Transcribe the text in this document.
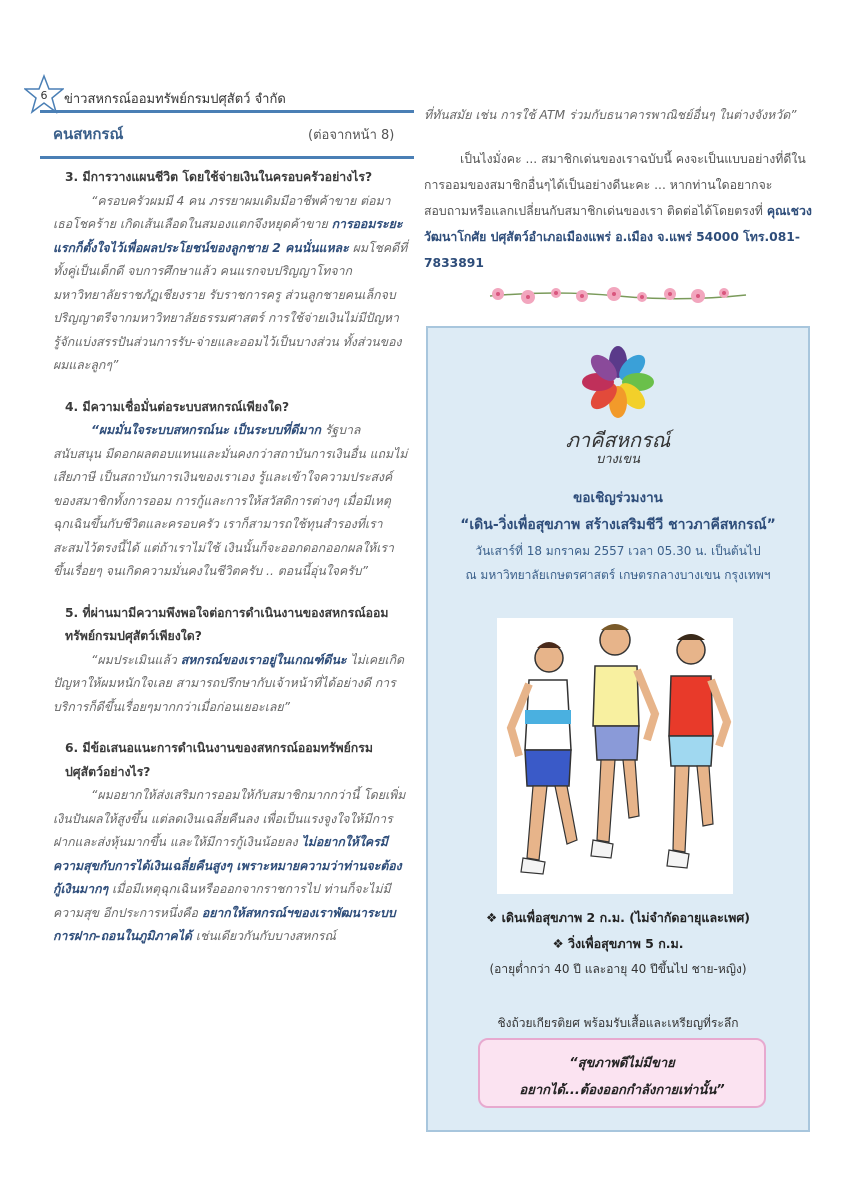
6 ข่าวสหกรณ์ออมทรัพย์กรมปศุสัตว์ จำกัด
คนสหกรณ์	(ต่อจากหน้า 8)

3. มีการวางแผนชีวิต โดยใช้จ่ายเงินในครอบครัวอย่างไร?

“ครอบครัวผมมี 4 คน ภรรยาผมเดิมมีอาชีพค้าขาย ต่อมาเธอโชคร้าย เกิดเส้นเลือดในสมองแตกจึงหยุดค้าขาย การออมระยะแรกก็ตั้งใจไว้เพื่อผลประโยชน์ของลูกชาย 2 คนนั่นแหละ ผมโชคดีที่ทั้งคู่เป็นเด็กดี จบการศึกษาแล้ว คนแรกจบปริญญาโทจากมหาวิทยาลัยราชภัฏเชียงราย รับราชการครู ส่วนลูกชายคนเล็กจบปริญญาตรีจากมหาวิทยาลัยธรรมศาสตร์ การใช้จ่ายเงินไม่มีปัญหา รู้จักแบ่งสรรปันส่วนการรับ-จ่ายและออมไว้เป็นบางส่วน ทั้งส่วนของผมและลูกๆ”

4. มีความเชื่อมั่นต่อระบบสหกรณ์เพียงใด?

“ผมมั่นใจระบบสหกรณ์นะ เป็นระบบที่ดีมาก รัฐบาลสนับสนุน มีดอกผลตอบแทนและมั่นคงกว่าสถาบันการเงินอื่น แถมไม่เสียภาษี เป็นสถาบันการเงินของเราเอง รู้และเข้าใจความประสงค์ของสมาชิกทั้งการออม การกู้และการให้สวัสดิการต่างๆ เมื่อมีเหตุฉุกเฉินขึ้นกับชีวิตและครอบครัว เราก็สามารถใช้ทุนสำรองที่เราสะสมไว้ตรงนี้ได้ แต่ถ้าเราไม่ใช้ เงินนั้นก็จะออกดอกออกผลให้เราขึ้นเรื่อยๆ จนเกิดความมั่นคงในชีวิตครับ .. ตอนนี้อุ่นใจครับ”

5. ที่ผ่านมามีความพึงพอใจต่อการดำเนินงานของสหกรณ์ออมทรัพย์กรมปศุสัตว์เพียงใด?

“ผมประเมินแล้ว สหกรณ์ของเราอยู่ในเกณฑ์ดีนะ ไม่เคยเกิดปัญหาให้ผมหนักใจเลย สามารถปรึกษากับเจ้าหน้าที่ได้อย่างดี การบริการก็ดีขึ้นเรื่อยๆมากกว่าเมื่อก่อนเยอะเลย”

6. มีข้อเสนอแนะการดำเนินงานของสหกรณ์ออมทรัพย์กรมปศุสัตว์อย่างไร?

“ผมอยากให้ส่งเสริมการออมให้กับสมาชิกมากกว่านี้ โดยเพิ่มเงินปันผลให้สูงขึ้น แต่ลดเงินเฉลี่ยคืนลง เพื่อเป็นแรงจูงใจให้มีการฝากและส่งหุ้นมากขึ้น และให้มีการกู้เงินน้อยลง ไม่อยากให้ใครมีความสุขกับการได้เงินเฉลี่ยคืนสูงๆ เพราะหมายความว่าท่านจะต้องกู้เงินมากๆ เมื่อมีเหตุฉุกเฉินหรือออกจากราชการไป ท่านก็จะไม่มีความสุข อีกประการหนึ่งคือ อยากให้สหกรณ์ฯของเราพัฒนาระบบการฝาก-ถอนในภูมิภาคได้ เช่นเดียวกันกับบางสหกรณ์

ที่ทันสมัย เช่น การใช้ ATM ร่วมกับธนาคารพาณิชย์อื่นๆ ในต่างจังหวัด”

เป็นไงมั่งคะ ... สมาชิกเด่นของเราฉบับนี้ คงจะเป็นแบบอย่างที่ดีในการออมของสมาชิกอื่นๆได้เป็นอย่างดีนะคะ ... หากท่านใดอยากจะสอบถามหรือแลกเปลี่ยนกับสมาชิกเด่นของเรา ติดต่อได้โดยตรงที่ คุณเชวง วัฒนาโกศัย ปศุสัตว์อำเภอเมืองแพร่ อ.เมือง จ.แพร่ 54000 โทร.081-7833891

ภาคีสหกรณ์
บางเขน
ขอเชิญร่วมงาน
“เดิน-วิ่งเพื่อสุขภาพ สร้างเสริมชีวี ชาวภาคีสหกรณ์”
วันเสาร์ที่ 18 มกราคม 2557 เวลา 05.30 น. เป็นต้นไป
ณ มหาวิทยาลัยเกษตรศาสตร์ เกษตรกลางบางเขน กรุงเทพฯ
❖ เดินเพื่อสุขภาพ 2 ก.ม. (ไม่จำกัดอายุและเพศ)
❖ วิ่งเพื่อสุขภาพ 5 ก.ม.
(อายุต่ำกว่า 40 ปี และอายุ 40 ปีขึ้นไป ชาย-หญิง)
ชิงถ้วยเกียรติยศ พร้อมรับเสื้อและเหรียญที่ระลึก
“สุขภาพดีไม่มีขาย
อยากได้...ต้องออกกำลังกายเท่านั้น”
